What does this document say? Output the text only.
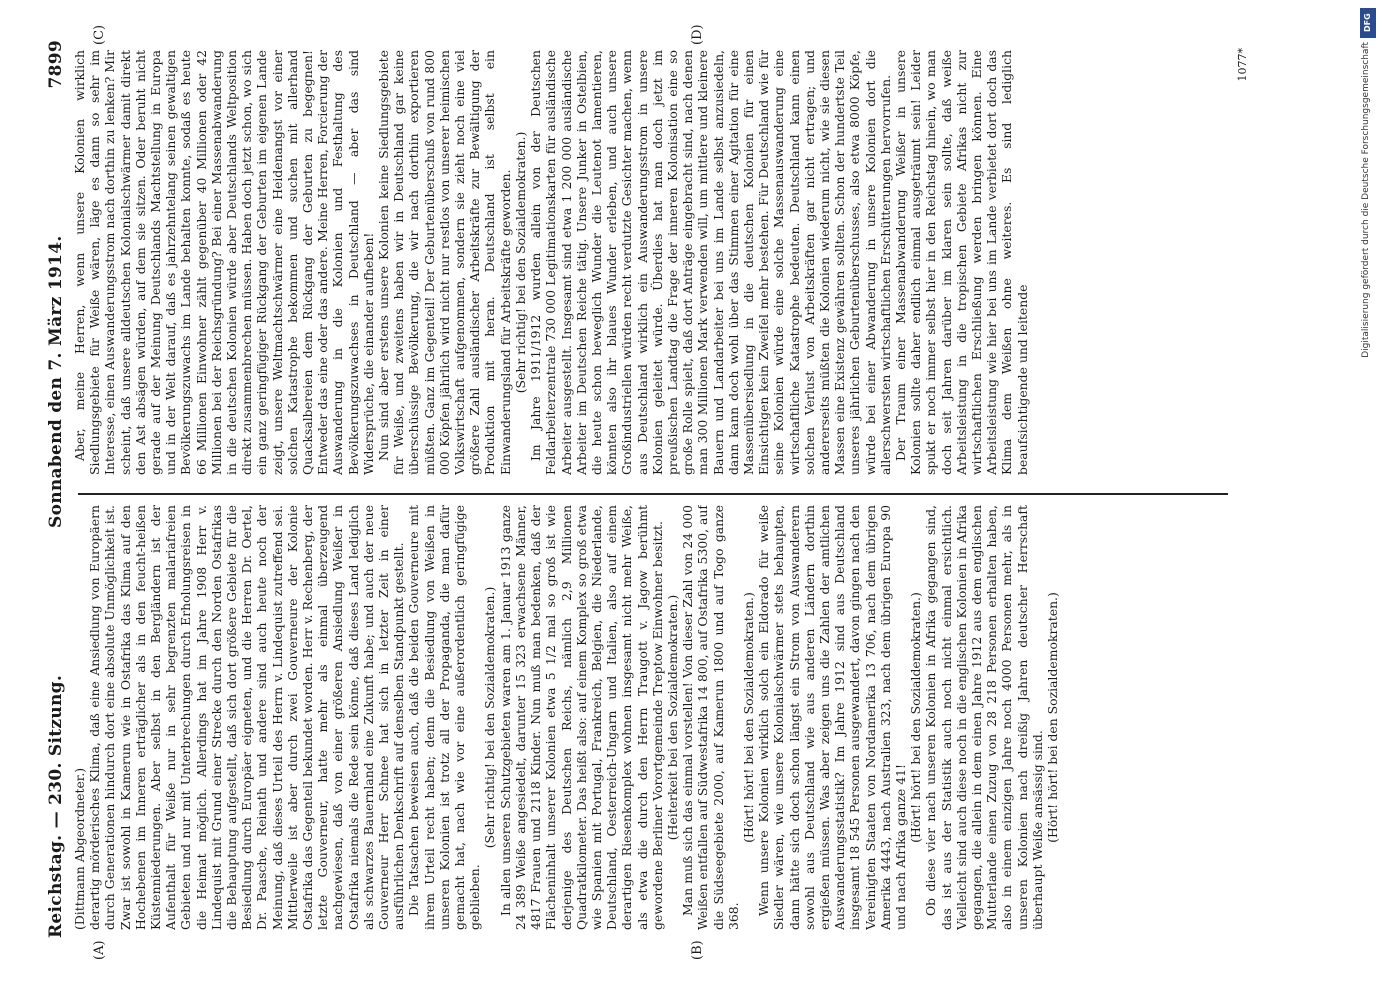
Reichstag. — 230. Sitzung.
Sonnabend den 7. März 1914.
7899
(A)	(B)
(C)	(D)

(Dittmann Abgeordneter.) derartig mörderisches Klima, daß eine Ansiedlung von Europäern durch Generationen hindurch dort eine absolute Unmöglichkeit ist. Zwar ist sowohl in Kamerun wie in Ostafrika das Klima auf den Hochebenen im Inneren erträglicher als in den feucht-heißen Küstenniederungen. Aber selbst in den Bergländern ist der Aufenthalt für Weiße nur in sehr begrenzten malariafreien Gebieten und nur mit Unterbrechungen durch Erholungsreisen in die Heimat möglich. Allerdings hat im Jahre 1908 Herr v. Lindequist mit Grund einer Strecke durch den Norden Ostafrikas die Behauptung aufgestellt, daß sich dort größere Gebiete für die Besiedlung durch Europäer eigneten, und die Herren Dr. Oertel, Dr. Paasche, Reinath und andere sind auch heute noch der Meinung, daß dieses Urteil des Herrn v. Lindequist zutreffend sei. Mittlerweile ist aber durch zwei Gouverneure der Kolonie Ostafrika das Gegenteil bekundet worden. Herr v. Rechenberg, der letzte Gouverneur, hatte mehr als einmal überzeugend nachgewiesen, daß von einer größeren Ansiedlung Weißer in Ostafrika niemals die Rede sein könne, daß dieses Land lediglich als schwarzes Bauernland eine Zukunft habe; und auch der neue Gouverneur Herr Schnee hat sich in letzter Zeit in einer ausführlichen Denkschrift auf denselben Standpunkt gestellt. Die Tatsachen beweisen auch, daß die beiden Gouverneure mit ihrem Urteil recht haben; denn die Besiedlung von Weißen in unseren Kolonien ist trotz all der Propaganda, die man dafür gemacht hat, nach wie vor eine außerordentlich geringfügige geblieben.

(Sehr richtig! bei den Sozialdemokraten.) In allen unseren Schutzgebieten waren am 1. Januar 1913 ganze 24 389 Weiße angesiedelt, darunter 15 323 erwachsene Männer, 4817 Frauen und 2118 Kinder. Nun muß man bedenken, daß der Flächeninhalt unserer Kolonien etwa 5 1/2 mal so groß ist wie derjenige des Deutschen Reichs, nämlich 2,9 Millionen Quadratkilometer. Das heißt also: auf einem Komplex so groß etwa wie Spanien mit Portugal, Frankreich, Belgien, die Niederlande, Deutschland, Oesterreich-Ungarn und Italien, also auf einem derartigen Riesenkomplex wohnen insgesamt nicht mehr Weiße, als etwa die durch den Herrn Traugott v. Jagow berühmt gewordene Berliner Vorortgemeinde Treptow Einwohner besitzt. (Heiterkeit bei den Sozialdemokraten.) Man muß sich das einmal vorstellen! Von dieser Zahl von 24 000 Weißen entfallen auf Südwestafrika 14 800, auf Ostafrika 5300, auf die Südseegebiete 2000, auf Kamerun 1800 und auf Togo ganze 368.

(Hört! hört! bei den Sozialdemokraten.) Wenn unsere Kolonien wirklich solch ein Eldorado für weiße Siedler wären, wie unsere Kolonialschwärmer stets behaupten, dann hätte sich doch schon längst ein Strom von Auswanderern sowohl aus Deutschland wie aus anderen Ländern dorthin ergießen müssen. Was aber zeigen uns die Zahlen der amtlichen Auswanderungsstatistik? Im Jahre 1912 sind aus Deutschland insgesamt 18 545 Personen ausgewandert, davon gingen nach den Vereinigten Staaten von Nordamerika 13 706, nach dem übrigen Amerika 4443, nach Australien 323, nach dem übrigen Europa 90 und nach Afrika ganze 41!

(Hört! hört! bei den Sozialdemokraten.) Ob diese vier nach unseren Kolonien in Afrika gegangen sind, das ist aus der Statistik auch noch nicht einmal ersichtlich. Vielleicht sind auch diese noch in die englischen Kolonien in Afrika gegangen, die allein in dem einen Jahre 1912 aus dem englischen Mutterlande einen Zuzug von 28 218 Personen erhalten haben, also in einem einzigen Jahre noch 4000 Personen mehr, als in unseren Kolonien nach dreißig Jahren deutscher Herrschaft überhaupt Weiße ansässig sind. (Hört! hört! bei den Sozialdemokraten.)

Aber, meine Herren, wenn unsere Kolonien wirklich Siedlungsgebiete für Weiße wären, läge es dann so sehr im Interesse, einen Auswanderungsstrom nach dorthin zu lenken? Mir scheint, daß unsere alldeutschen Kolonialschwärmer damit direkt den Ast absägen würden, auf dem sie sitzen. Oder beruht nicht gerade auf der Meinung Deutschlands Machtstellung in Europa und in der Welt darauf, daß es jahrzehntelang seinen gewaltigen Bevölkerungszuwachs im Lande behalten konnte, sodaß es heute 66 Millionen Einwohner zählt gegenüber 40 Millionen oder 42 Millionen bei der Reichsgründung? Bei einer Massenabwanderung in die deutschen Kolonien würde aber Deutschlands Weltposition direkt zusammenbrechen müssen. Haben doch jetzt schon, wo sich ein ganz geringfügiger Rückgang der Geburten im eigenen Lande zeigt, unsere Weltmachtschwärmer eine Heidenangst vor einer solchen Katastrophe bekommen und suchen mit allerhand Quacksalbereien dem Rückgang der Geburten zu begegnen! Entweder das eine oder das andere. Meine Herren, Forcierung der Auswanderung in die Kolonien und Festhaltung des Bevölkerungszuwachses in Deutschland — aber das sind Widersprüche, die einander aufheben! Nun sind aber erstens unsere Kolonien keine Siedlungsgebiete für Weiße, und zweitens haben wir in Deutschland gar keine überschüssige Bevölkerung, die wir nach dorthin exportieren müßten. Ganz im Gegenteil! Der Geburtenüberschuß von rund 800 000 Köpfen jährlich wird nicht nur restlos von unserer heimischen Volkswirtschaft aufgenommen, sondern sie zieht noch eine viel größere Zahl ausländischer Arbeitskräfte zur Bewältigung der Produktion mit heran. Deutschland ist selbst ein Einwanderungsland für Arbeitskräfte geworden. (Sehr richtig! bei den Sozialdemokraten.) Im Jahre 1911/1912 wurden allein von der Deutschen Feldarbeiterzentrale 730 000 Legitimationskarten für ausländische Arbeiter ausgestellt. Insgesamt sind etwa 1 200 000 ausländische Arbeiter im Deutschen Reiche tätig. Unsere Junker in Ostelbien, die heute schon beweglich Wunder die Leutenot lamentieren, könnten also ihr blaues Wunder erleben, und auch unsere Großindustriellen würden recht verdutzte Gesichter machen, wenn aus Deutschland wirklich ein Auswanderungsstrom in unsere Kolonien geleitet würde. Überdies hat man doch jetzt im preußischen Landtag die Frage der inneren Kolonisation eine so große Rolle spielt, daß dort Anträge eingebracht sind, nach denen man 300 Millionen Mark verwenden will, um mittlere und kleinere Bauern und Landarbeiter bei uns im Lande selbst anzusiedeln, dann kann doch wohl über das Stimmen einer Agitation für eine Massenübersiedlung in die deutschen Kolonien für einen Einsichtigen kein Zweifel mehr bestehen. Für Deutschland wie für seine Kolonien würde eine solche Massenauswanderung eine wirtschaftliche Katastrophe bedeuten. Deutschland kann einen solchen Verlust von Arbeitskräften gar nicht ertragen; und andererseits müßten die Kolonien wiederum nicht, wie sie diesen Massen eine Existenz gewähren sollten. Schon der hundertste Teil unseres jährlichen Geburtenüberschusses, also etwa 8000 Köpfe, würde bei einer Abwanderung in unsere Kolonien dort die allerschwersten wirtschaftlichen Erschütterungen hervorrufen. Der Traum einer Massenabwanderung Weißer in unsere Kolonien sollte daher endlich einmal ausgeträumt sein! Leider spukt er noch immer selbst hier in den Reichstag hinein, wo man doch seit Jahren darüber im klaren sein sollte, daß weiße Arbeitsleistung in die tropischen Gebiete Afrikas nicht zur wirtschaftlichen Erschließung werden bringen können. Eine Arbeitsleistung wie hier bei uns im Lande verbietet dort doch das Klima dem Weißen ohne weiteres. Es sind lediglich beaufsichtigende und leitende

1077*
DFG
Digitalisierung gefördert durch die Deutsche Forschungsgemeinschaft
